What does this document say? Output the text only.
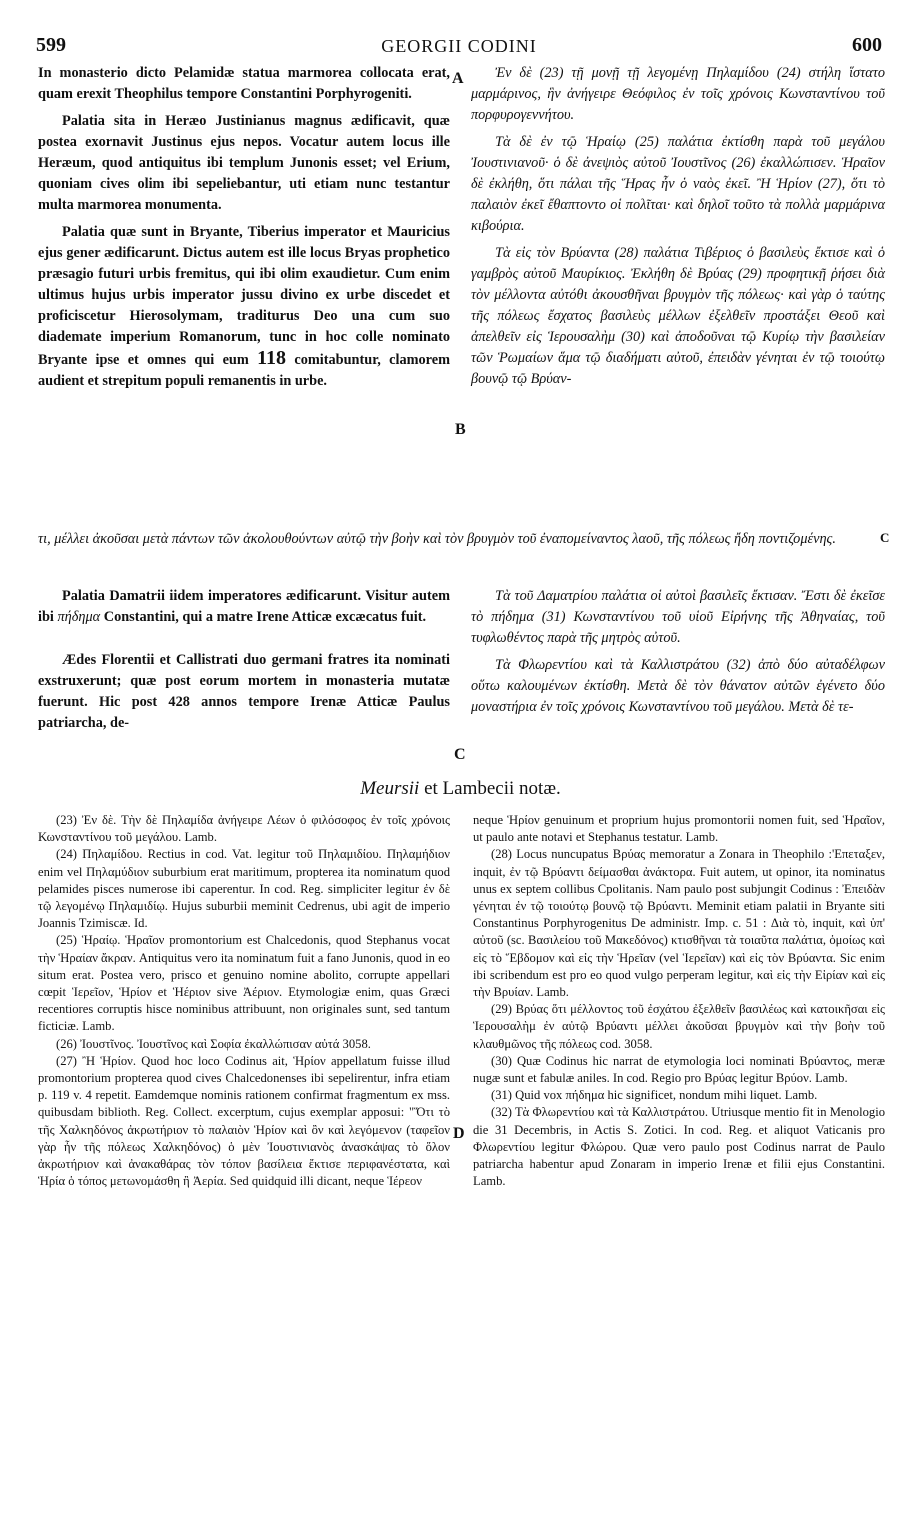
599	GEORGII CODINI	600

In monasterio dicto Pelamidæ statua marmorea collocata erat, quam erexit Theophilus tempore Constantini Porphyrogeniti.

Palatia sita in Heræo Justinianus magnus ædificavit, quæ postea exornavit Justinus ejus nepos. Vocatur autem locus ille Heræum, quod antiquitus ibi templum Junonis esset; vel Erium, quoniam cives olim ibi sepeliebantur, uti etiam nunc testantur multa marmorea monumenta.

Palatia quæ sunt in Bryante, Tiberius imperator et Mauricius ejus gener ædificarunt. Dictus autem est ille locus Bryas prophetico præsagio futuri urbis fremitus, qui ibi olim exaudietur. Cum enim ultimus hujus urbis imperator jussu divino ex urbe discedet et proficiscetur Hierosolymam, traditurus Deo una cum suo diademate imperium Romanorum, tunc in hoc colle nominato Bryante ipse et omnes qui eum 118 comitabuntur, clamorem audient et strepitum populi remanentis in urbe.

Ἐν δὲ (23) τῇ μονῇ τῇ λεγομένῃ Πηλαμίδου (24) στήλη ἵστατο μαρμάρινος, ἣν ἀνήγειρε Θεόφιλος ἐν τοῖς χρόνοις Κωνσταντίνου τοῦ πορφυρογεννήτου.

Τὰ δὲ ἐν τῷ Ἡραίῳ (25) παλάτια ἐκτίσθη παρὰ τοῦ μεγάλου Ἰουστινιανοῦ· ὁ δὲ ἀνεψιὸς αὐτοῦ Ἰουστῖνος (26) ἐκαλλώπισεν. Ἡραῖον δὲ ἐκλήθη, ὅτι πάλαι τῆς Ἥρας ἦν ὁ ναὸς ἐκεῖ. Ἢ Ἡρίον (27), ὅτι τὸ παλαιὸν ἐκεῖ ἔθαπτοντο οἱ πολῖται· καὶ δηλοῖ τοῦτο τὰ πολλὰ μαρμάρινα κιβούρια.

Τὰ εἰς τὸν Βρύαντα (28) παλάτια Τιβέριος ὁ βασιλεὺς ἔκτισε καὶ ὁ γαμβρὸς αὐτοῦ Μαυρίκιος. Ἐκλήθη δὲ Βρύας (29) προφητικῇ ῥήσει διὰ τὸν μέλλοντα αὐτόθι ἀκουσθῆναι βρυγμὸν τῆς πόλεως· καὶ γὰρ ὁ ταύτης τῆς πόλεως ἔσχατος βασιλεὺς μέλλων ἐξελθεῖν προστάξει Θεοῦ καὶ ἀπελθεῖν εἰς Ἱερουσαλὴμ (30) καὶ ἀποδοῦναι τῷ Κυρίῳ τὴν βασιλείαν τῶν Ῥωμαίων ἅμα τῷ διαδήματι αὐτοῦ, ἐπειδὰν γένηται ἐν τῷ τοιούτῳ βουνῷ τῷ Βρύαν-

τι, μέλλει ἀκοῦσαι μετὰ πάντων τῶν ἀκολουθούντων αὐτῷ τὴν βοὴν καὶ τὸν βρυγμὸν τοῦ ἐναπομείναντος λαοῦ, τῆς πόλεως ἤδη ποντιζομένης.

Palatia Damatrii iidem imperatores ædificarunt. Visitur autem ibi πήδημα Constantini, qui a matre Irene Atticæ excæcatus fuit.

Ædes Florentii et Callistrati duo germani fratres ita nominati exstruxerunt; quæ post eorum mortem in monasteria mutatæ fuerunt. Hic post 428 annos tempore Irenæ Atticæ Paulus patriarcha, de-

Τὰ τοῦ Δαματρίου παλάτια οἱ αὐτοὶ βασιλεῖς ἔκτισαν. Ἔστι δὲ ἐκεῖσε τὸ πήδημα (31) Κωνσταντίνου τοῦ υἱοῦ Εἰρήνης τῆς Ἀθηναίας, τοῦ τυφλωθέντος παρὰ τῆς μητρὸς αὐτοῦ.

Τὰ Φλωρεντίου καὶ τὰ Καλλιστράτου (32) ἀπὸ δύο αὐταδέλφων οὕτω καλουμένων ἐκτίσθη. Μετὰ δὲ τὸν θάνατον αὐτῶν ἐγένετο δύο μοναστήρια ἐν τοῖς χρόνοις Κωνσταντίνου τοῦ μεγάλου. Μετὰ δὲ τε-

A
B
C
C
D
Meursii et Lambecii notæ.

(23) Ἐν δὲ. Τὴν δὲ Πηλαμίδα ἀνήγειρε Λέων ὁ φιλόσοφος ἐν τοῖς χρόνοις Κωνσταντίνου τοῦ μεγάλου. Lamb.

(24) Πηλαμίδου. Rectius in cod. Vat. legitur τοῦ Πηλαμιδίου. Πηλαμήδιον enim vel Πηλαμύδιον suburbium erat maritimum, propterea ita nominatum quod pelamides pisces numerose ibi caperentur. In cod. Reg. simpliciter legitur ἐν δὲ τῷ λεγομένῳ Πηλαμιδίῳ. Hujus suburbii meminit Cedrenus, ubi agit de imperio Joannis Tzimiscæ. Id.

(25) Ἡραίῳ. Ἡραῖον promontorium est Chalcedonis, quod Stephanus vocat τὴν Ἡραίαν ἄκραν. Antiquitus vero ita nominatum fuit a fano Junonis, quod in eo situm erat. Postea vero, prisco et genuino nomine abolito, corrupte appellari cœpit Ἱερεῖον, Ἡρίον et Ἡέριον sive Ἀέριον. Etymologiæ enim, quas Græci recentiores corruptis hisce nominibus attribuunt, non originales sunt, sed tantum ficticiæ. Lamb.

(26) Ἰουστῖνος. Ἰουστῖνος καὶ Σοφία ἐκαλλώπισαν αὐτά 3058.

(27) Ἢ Ἡρίον. Quod hoc loco Codinus ait, Ἡρίον appellatum fuisse illud promontorium propterea quod cives Chalcedonenses ibi sepelirentur, infra etiam p. 119 v. 4 repetit. Eamdemque nominis rationem confirmat fragmentum ex mss. quibusdam biblioth. Reg. Collect. excerptum, cujus exemplar apposui: "Ὅτι τὸ τῆς Χαλκηδόνος ἀκρωτήριον τὸ παλαιὸν Ἡρίον καὶ ὂν καὶ λεγόμενον (ταφεῖον γὰρ ἦν τῆς πόλεως Χαλκηδόνος) ὁ μὲν Ἰουστινιανὸς ἀνασκάψας τὸ ὅλον ἀκρωτήριον καὶ ἀνακαθάρας τὸν τόπον βασίλεια ἔκτισε περιφανέστατα, καὶ Ἡρία ὁ τόπος μετωνομάσθη ἢ Ἀερία. Sed quidquid illi dicant, neque Ἱέρεον

neque Ἡρίον genuinum et proprium hujus promontorii nomen fuit, sed Ἡραῖον, ut paulo ante notavi et Stephanus testatur. Lamb.

(28) Locus nuncupatus Βρύας memoratur a Zonara in Theophilo :'Επεταξεν, inquit, ἐν τῷ Βρύαντι δείμασθαι ἀνάκτορα. Fuit autem, ut opinor, ita nominatus unus ex septem collibus Cpolitanis. Nam paulo post subjungit Codinus : Ἐπειδὰν γένηται ἐν τῷ τοιούτῳ βουνῷ τῷ Βρύαντι. Meminit etiam palatii in Bryante siti Constantinus Porphyrogenitus De administr. Imp. c. 51 : Διὰ τὸ, inquit, καὶ ὑπ' αὐτοῦ (sc. Βασιλείου τοῦ Μακεδόνος) κτισθῆναι τὰ τοιαῦτα παλάτια, ὁμοίως καὶ εἰς τὸ Ἕβδομον καὶ εἰς τὴν Ἡρεῖαν (vel Ἱερεῖαν) καὶ εἰς τὸν Βρύαντα. Sic enim ibi scribendum est pro eo quod vulgo perperam legitur, καὶ εἰς τὴν Εἰρίαν καὶ εἰς τὴν Βρυίαν. Lamb.

(29) Βρύας ὅτι μέλλοντος τοῦ ἐσχάτου ἐξελθεῖν βασιλέως καὶ κατοικῆσαι εἰς Ἱερουσαλὴμ ἐν αὐτῷ Βρύαντι μέλλει ἀκοῦσαι βρυγμὸν καὶ τὴν βοὴν τοῦ κλαυθμῶνος τῆς πόλεως cod. 3058.

(30) Quæ Codinus hic narrat de etymologia loci nominati Βρύαντος, meræ nugæ sunt et fabulæ aniles. In cod. Regio pro Βρύας legitur Βρύον. Lamb.

(31) Quid vox πήδημα hic significet, nondum mihi liquet. Lamb.

(32) Τὰ Φλωρεντίου καὶ τὰ Καλλιστράτου. Utriusque mentio fit in Menologio die 31 Decembris, in Actis S. Zotici. In cod. Reg. et aliquot Vaticanis pro Φλωρεντίου legitur Φλώρου. Quæ vero paulo post Codinus narrat de Paulo patriarcha habentur apud Zonaram in imperio Irenæ et filii ejus Constantini. Lamb.
